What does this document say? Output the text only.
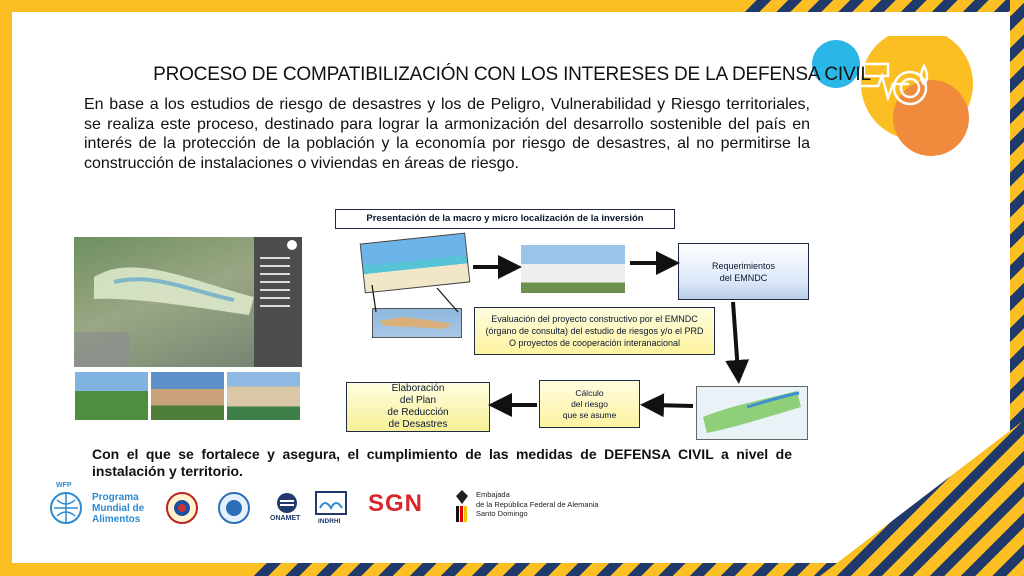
PROCESO DE COMPATIBILIZACIÓN CON LOS INTERESES DE LA DEFENSA CIVIL
En base a los estudios de riesgo de desastres y los de Peligro, Vulnerabilidad y Riesgo territoriales, se realiza este proceso, destinado para lograr la armonización del desarrollo sostenible del país en interés de la protección de la población y la economía por riesgo de desastres, al no permitirse la construcción de instalaciones o viviendas en áreas de riesgo.
Presentación de la macro y micro localización de la inversión
Requerimientos
del EMNDC
Evaluación del proyecto constructivo por el EMNDC
(órgano de consulta) del estudio de riesgos y/o el PRD
O proyectos de cooperación interanacional
Cálculo
del riesgo
que se asume
Elaboración
del Plan
de Reducción
de Desastres
Con el que se fortalece y asegura, el cumplimiento de las medidas de DEFENSA CIVIL a nivel de instalación y territorio.
WFP
Programa
Mundial de
Alimentos	ONAMET	INDRHI
SGN	Embajada
de la República Federal de Alemania
Santo Domingo
